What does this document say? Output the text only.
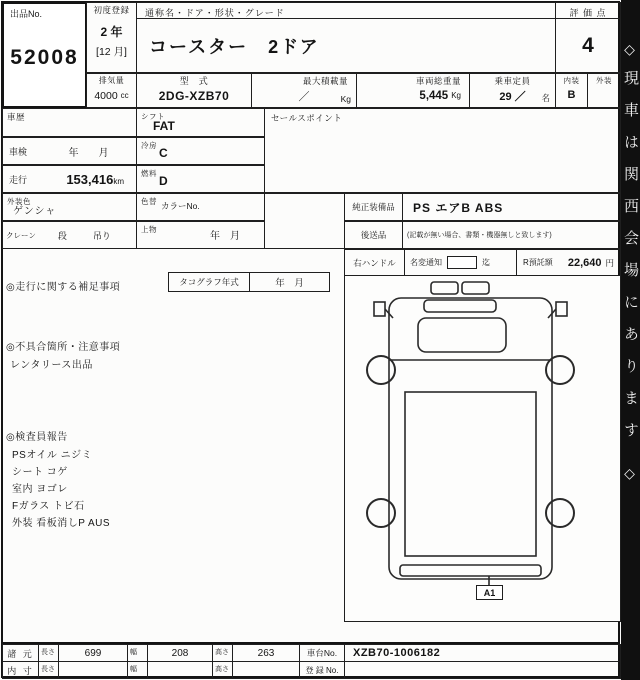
出品No.
52008
初度登録
2 年
[12 月]
通称名・ドア・形状・グレード
コースター　2ドア
評 価 点
4
排気量
4000 cc
型　式
2DG-XZB70
最大積載量
／	Kg
車両総重量
5,445 Kg
乗車定員
29 ／ 名
内装
B
外装
車歴
車検	年　　月
走行	153,416km
外装色
ゲンシャ
クレーン 段	吊り
シフト
FAT
冷房
C
燃料
D
色替 カラーNo.
上物
年　月
セールスポイント
純正装備品	PS エアB ABS
後送品	(記載が無い場合、書類・機器無しと致します)
右ハンドル	名変通知	迄	R預託額 22,640 円
◎走行に関する補足事項	タコグラフ年式	年　月
◎不具合箇所・注意事項
レンタリース出品
◎検査員報告
PSオイル ニジミ
シート コゲ
室内 ヨゴレ
Fガラス トビ石
外装 看板消しP AUS
A1
諸 元	長さ	699	幅	208	高さ	263	車台No.	XZB70-1006182
内 寸	長さ	幅	高さ	登 録 No.
◇
現車は関西会場にあります
◇
